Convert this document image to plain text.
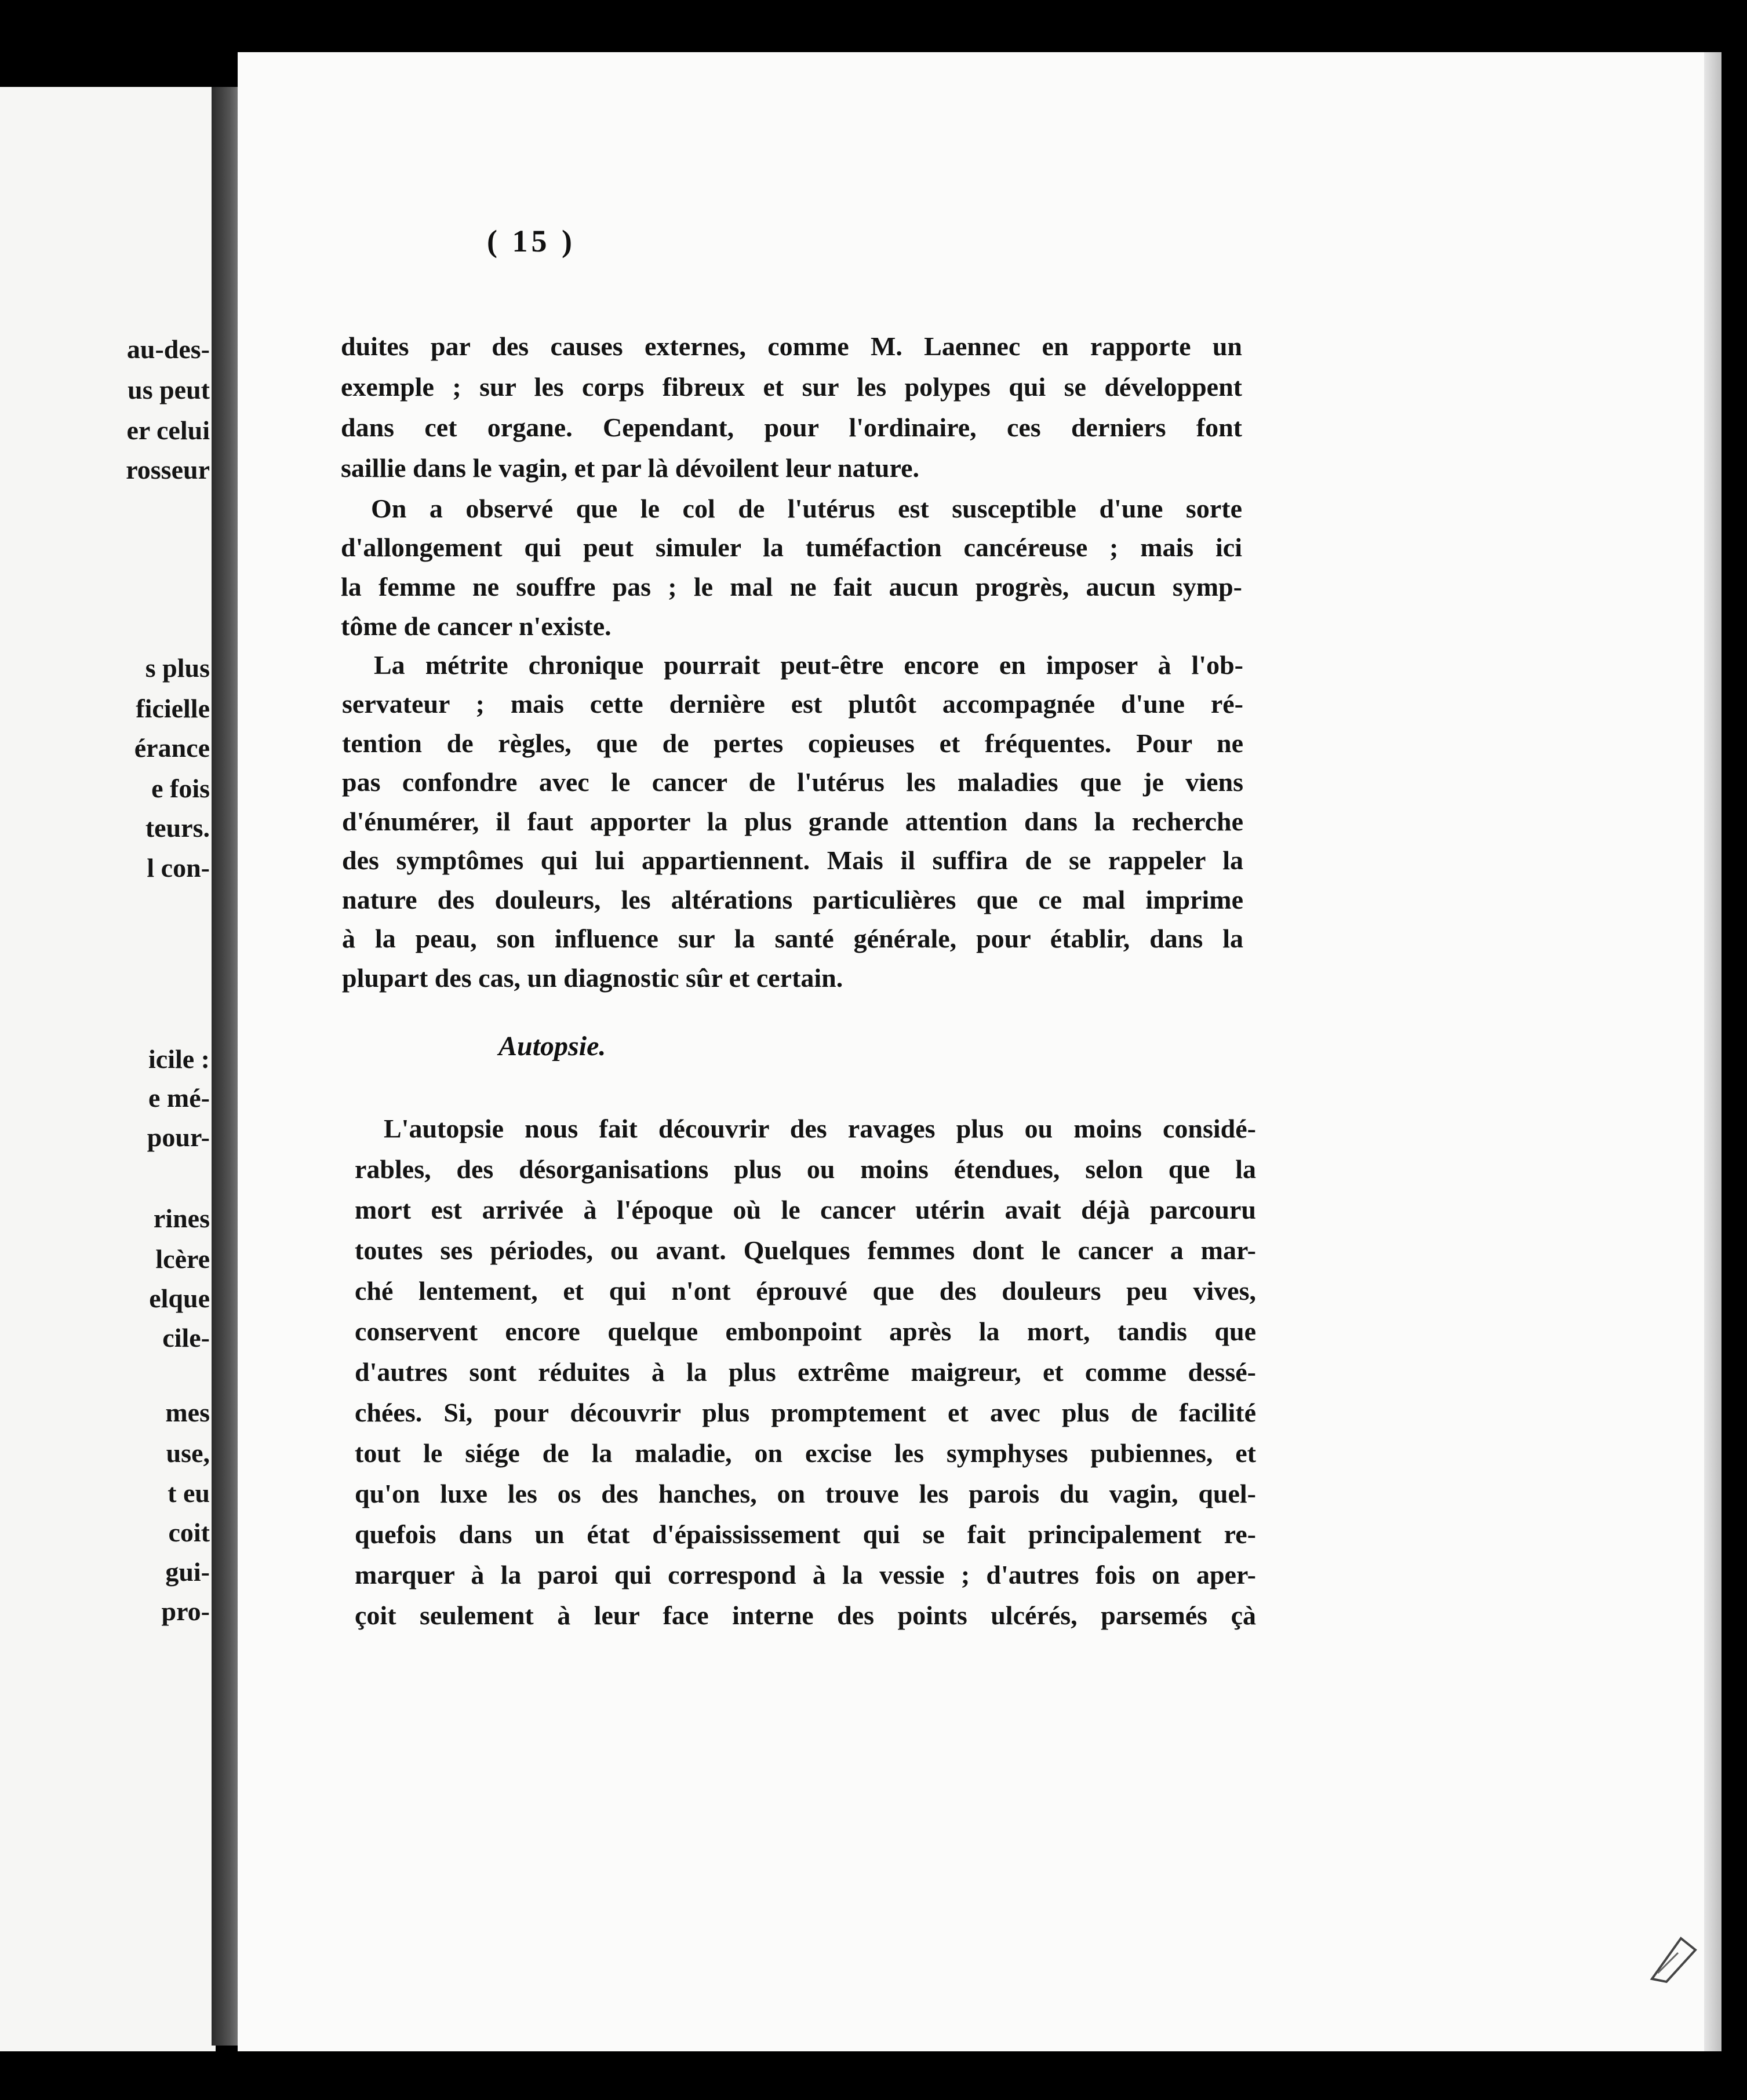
au-des-
us peut
er celui
rosseur
s plus
ficielle
érance
e fois
teurs.
l con-
icile :
e mé-
pour-
rines
lcère
elque
cile-
mes
use,
t eu
coit
gui-
pro-
( 15 )
duites par des causes externes, comme M. Laennec en rapporte un
exemple ; sur les corps fibreux et sur les polypes qui se développent
dans cet organe. Cependant, pour l'ordinaire, ces derniers font
saillie dans le vagin, et par là dévoilent leur nature.
On a observé que le col de l'utérus est susceptible d'une sorte
d'allongement qui peut simuler la tuméfaction cancéreuse ; mais ici
la femme ne souffre pas ; le mal ne fait aucun progrès, aucun symp-
tôme de cancer n'existe.
La métrite chronique pourrait peut-être encore en imposer à l'ob-
servateur ; mais cette dernière est plutôt accompagnée d'une ré-
tention de règles, que de pertes copieuses et fréquentes. Pour ne
pas confondre avec le cancer de l'utérus les maladies que je viens
d'énumérer, il faut apporter la plus grande attention dans la recherche
des symptômes qui lui appartiennent. Mais il suffira de se rappeler la
nature des douleurs, les altérations particulières que ce mal imprime
à la peau, son influence sur la santé générale, pour établir, dans la
plupart des cas, un diagnostic sûr et certain.
Autopsie.
L'autopsie nous fait découvrir des ravages plus ou moins considé-
rables, des désorganisations plus ou moins étendues, selon que la
mort est arrivée à l'époque où le cancer utérin avait déjà parcouru
toutes ses périodes, ou avant. Quelques femmes dont le cancer a mar-
ché lentement, et qui n'ont éprouvé que des douleurs peu vives,
conservent encore quelque embonpoint après la mort, tandis que
d'autres sont réduites à la plus extrême maigreur, et comme dessé-
chées. Si, pour découvrir plus promptement et avec plus de facilité
tout le siége de la maladie, on excise les symphyses pubiennes, et
qu'on luxe les os des hanches, on trouve les parois du vagin, quel-
quefois dans un état d'épaississement qui se fait principalement re-
marquer à la paroi qui correspond à la vessie ; d'autres fois on aper-
çoit seulement à leur face interne des points ulcérés, parsemés çà
